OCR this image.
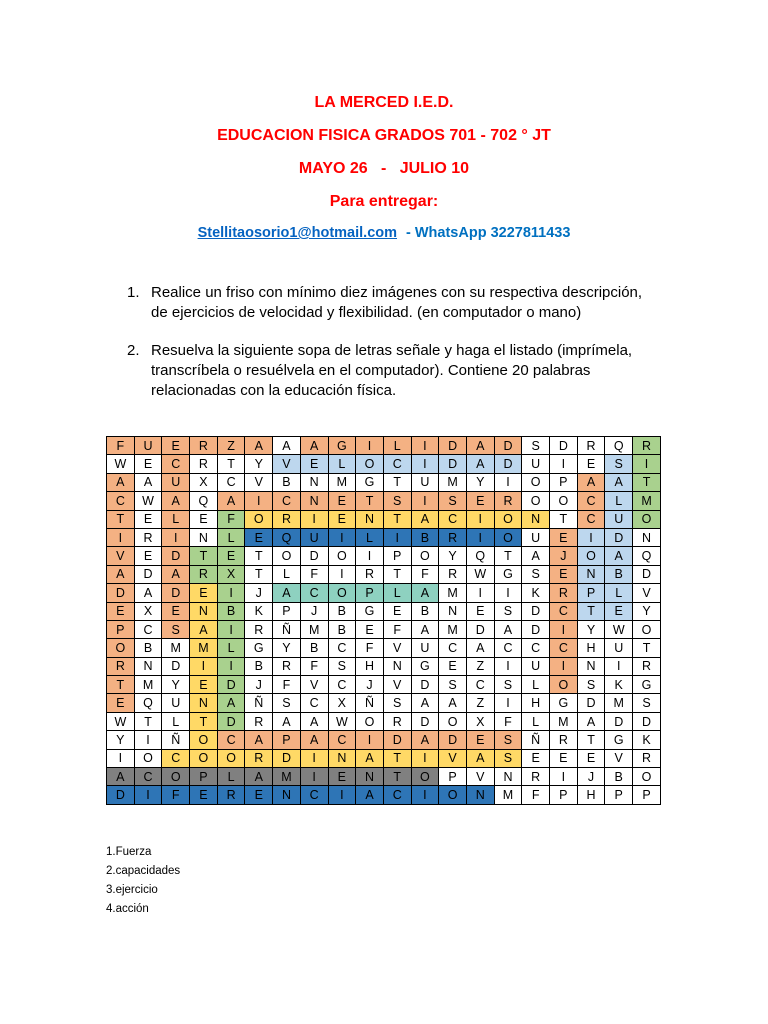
LA MERCED I.E.D.
EDUCACION FISICA GRADOS 701 - 702 ° JT
MAYO 26   -   JULIO 10
Para entregar:
Stellitaosorio1@hotmail.com - WhatsApp 3227811433
1. Realice un friso con mínimo diez imágenes con su respectiva descripción, de ejercicios de velocidad y flexibilidad. (en computador o mano)
2. Resuelva la siguiente sopa de letras señale y haga el listado (imprímela, transcríbela o resuélvela en el computador). Contiene 20 palabras relacionadas con la educación física.
F	U	E	R	Z	A	A	A	G	I	L	I	D	A	D	S	D	R	Q	R
W	E	C	R	T	Y	V	E	L	O	C	I	D	A	D	U	I	E	S	I
A	A	U	X	C	V	B	N	M	G	T	U	M	Y	I	O	P	A	A	T
C	W	A	Q	A	I	C	N	E	T	S	I	S	E	R	O	O	C	L	M
T	E	L	E	F	O	R	I	E	N	T	A	C	I	O	N	T	C	U	O
I	R	I	N	L	E	Q	U	I	L	I	B	R	I	O	U	E	I	D	N
V	E	D	T	E	T	O	D	O	I	P	O	Y	Q	T	A	J	O	A	Q
A	D	A	R	X	T	L	F	I	R	T	F	R	W	G	S	E	N	B	D
D	A	D	E	I	J	A	C	O	P	L	A	M	I	I	K	R	P	L	V
E	X	E	N	B	K	P	J	B	G	E	B	N	E	S	D	C	T	E	Y
P	C	S	A	I	R	Ñ	M	B	E	F	A	M	D	A	D	I	Y	W	O
O	B	M	M	L	G	Y	B	C	F	V	U	C	A	C	C	C	H	U	T
R	N	D	I	I	B	R	F	S	H	N	G	E	Z	I	U	I	N	I	R
T	M	Y	E	D	J	F	V	C	J	V	D	S	C	S	L	O	S	K	G
E	Q	U	N	A	Ñ	S	C	X	Ñ	S	A	A	Z	I	H	G	D	M	S
W	T	L	T	D	R	A	A	W	O	R	D	O	X	F	L	M	A	D	D
Y	I	Ñ	O	C	A	P	A	C	I	D	A	D	E	S	Ñ	R	T	G	K
I	O	C	O	O	R	D	I	N	A	T	I	V	A	S	E	E	E	V	R
A	C	O	P	L	A	M	I	E	N	T	O	P	V	N	R	I	J	B	O
D	I	F	E	R	E	N	C	I	A	C	I	O	N	M	F	P	H	P	P
1.Fuerza
2.capacidades
3.ejercicio
4.acción
